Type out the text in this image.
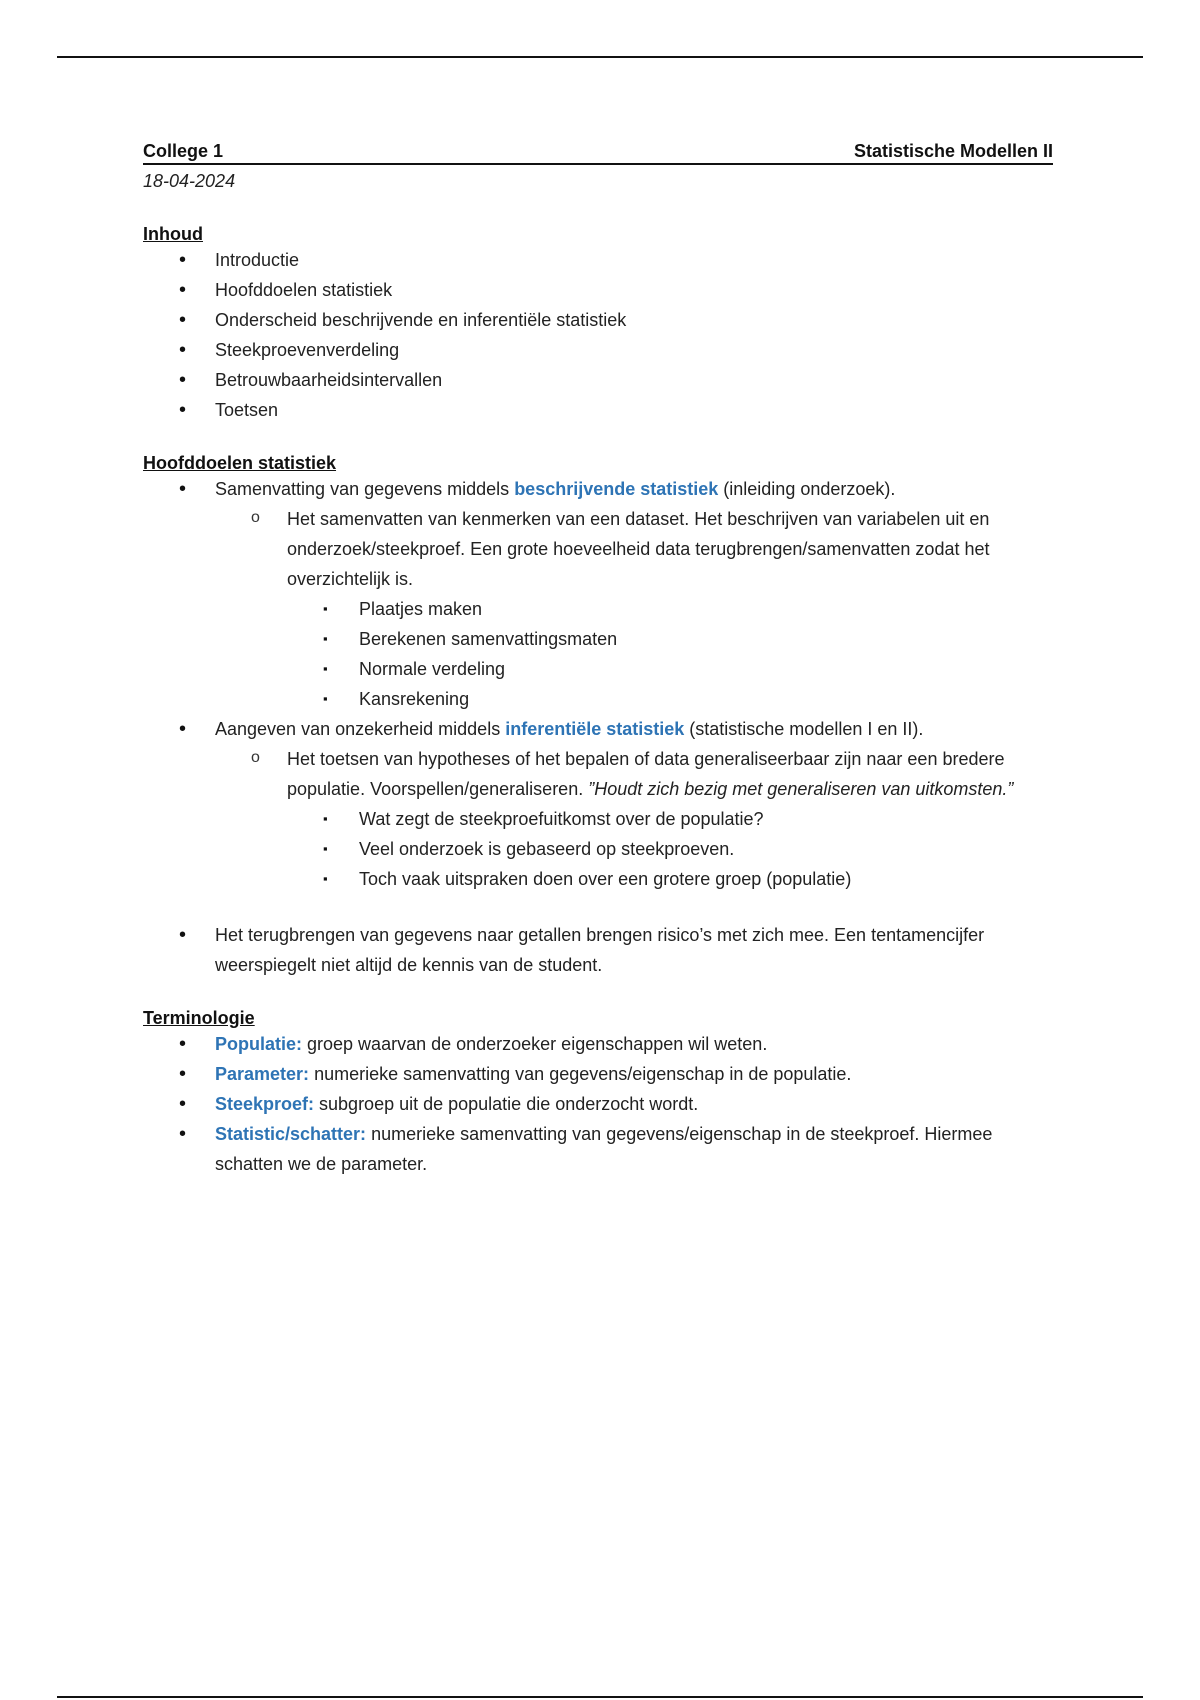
College 1	Statistische Modellen II
18-04-2024
Inhoud
• Introductie
• Hoofddoelen statistiek
• Onderscheid beschrijvende en inferentiële statistiek
• Steekproevenverdeling
• Betrouwbaarheidsintervallen
• Toetsen
Hoofddoelen statistiek
• Samenvatting van gegevens middels beschrijvende statistiek (inleiding onderzoek).
o Het samenvatten van kenmerken van een dataset. Het beschrijven van variabelen uit en onderzoek/steekproef. Een grote hoeveelheid data terugbrengen/samenvatten zodat het overzichtelijk is.
▪ Plaatjes maken
▪ Berekenen samenvattingsmaten
▪ Normale verdeling
▪ Kansrekening
• Aangeven van onzekerheid middels inferentiële statistiek (statistische modellen I en II).
o Het toetsen van hypotheses of het bepalen of data generaliseerbaar zijn naar een bredere populatie. Voorspellen/generaliseren. ”Houdt zich bezig met generaliseren van uitkomsten.”
▪ Wat zegt de steekproefuitkomst over de populatie?
▪ Veel onderzoek is gebaseerd op steekproeven.
▪ Toch vaak uitspraken doen over een grotere groep (populatie)
• Het terugbrengen van gegevens naar getallen brengen risico’s met zich mee. Een tentamencijfer weerspiegelt niet altijd de kennis van de student.
Terminologie
• Populatie: groep waarvan de onderzoeker eigenschappen wil weten.
• Parameter: numerieke samenvatting van gegevens/eigenschap in de populatie.
• Steekproef: subgroep uit de populatie die onderzocht wordt.
• Statistic/schatter: numerieke samenvatting van gegevens/eigenschap in de steekproef. Hiermee schatten we de parameter.
